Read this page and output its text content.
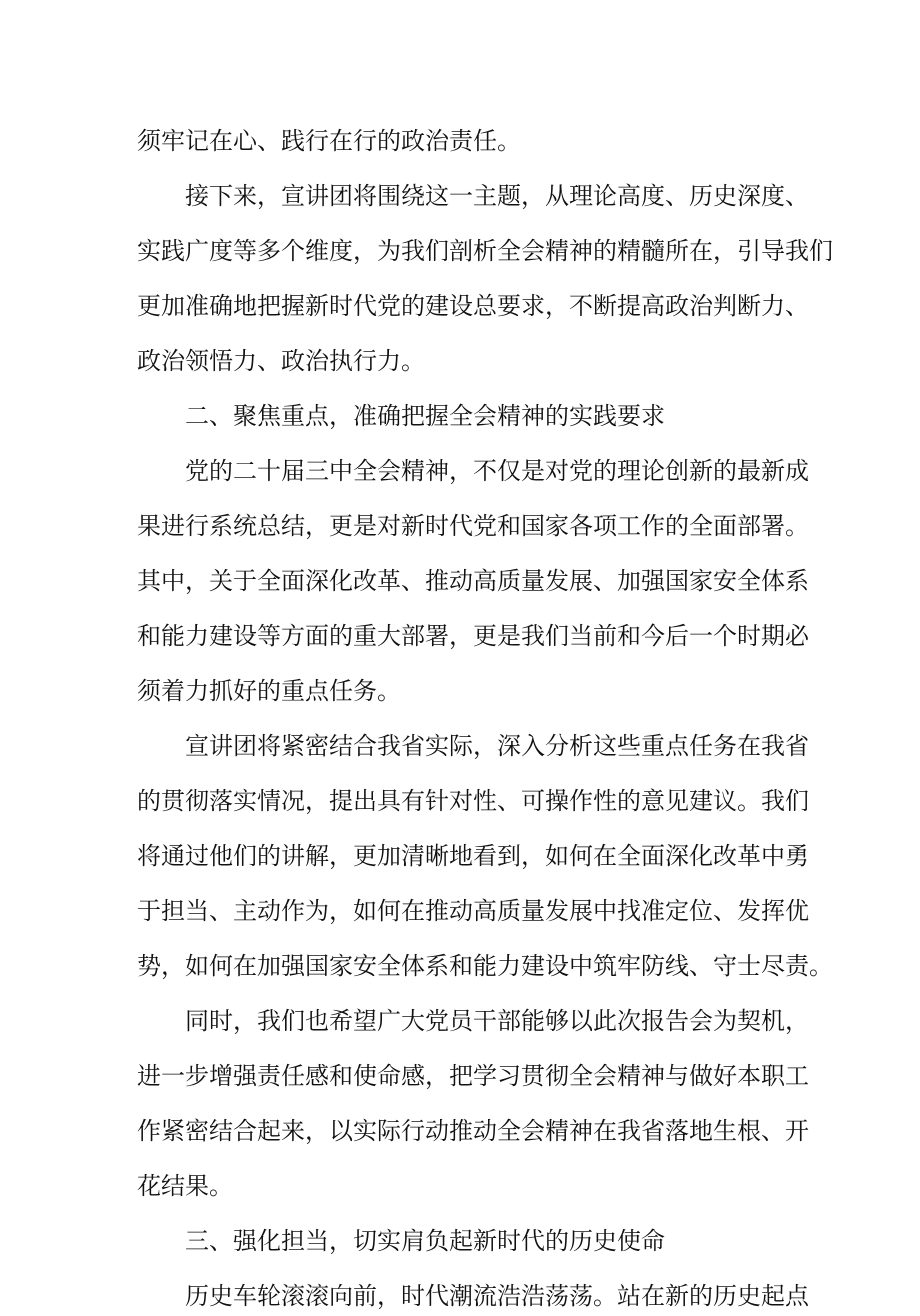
须牢记在心、践行在行的政治责任。
接下来，宣讲团将围绕这一主题，从理论高度、历史深度、
实践广度等多个维度，为我们剖析全会精神的精髓所在，引导我们
更加准确地把握新时代党的建设总要求，不断提高政治判断力、
政治领悟力、政治执行力。
二、聚焦重点，准确把握全会精神的实践要求
党的二十届三中全会精神，不仅是对党的理论创新的最新成
果进行系统总结，更是对新时代党和国家各项工作的全面部署。
其中，关于全面深化改革、推动高质量发展、加强国家安全体系
和能力建设等方面的重大部署，更是我们当前和今后一个时期必
须着力抓好的重点任务。
宣讲团将紧密结合我省实际，深入分析这些重点任务在我省
的贯彻落实情况，提出具有针对性、可操作性的意见建议。我们
将通过他们的讲解，更加清晰地看到，如何在全面深化改革中勇
于担当、主动作为，如何在推动高质量发展中找准定位、发挥优
势，如何在加强国家安全体系和能力建设中筑牢防线、守士尽责。
同时，我们也希望广大党员干部能够以此次报告会为契机，
进一步增强责任感和使命感，把学习贯彻全会精神与做好本职工
作紧密结合起来，以实际行动推动全会精神在我省落地生根、开
花结果。
三、强化担当，切实肩负起新时代的历史使命
历史车轮滚滚向前，时代潮流浩浩荡荡。站在新的历史起点
